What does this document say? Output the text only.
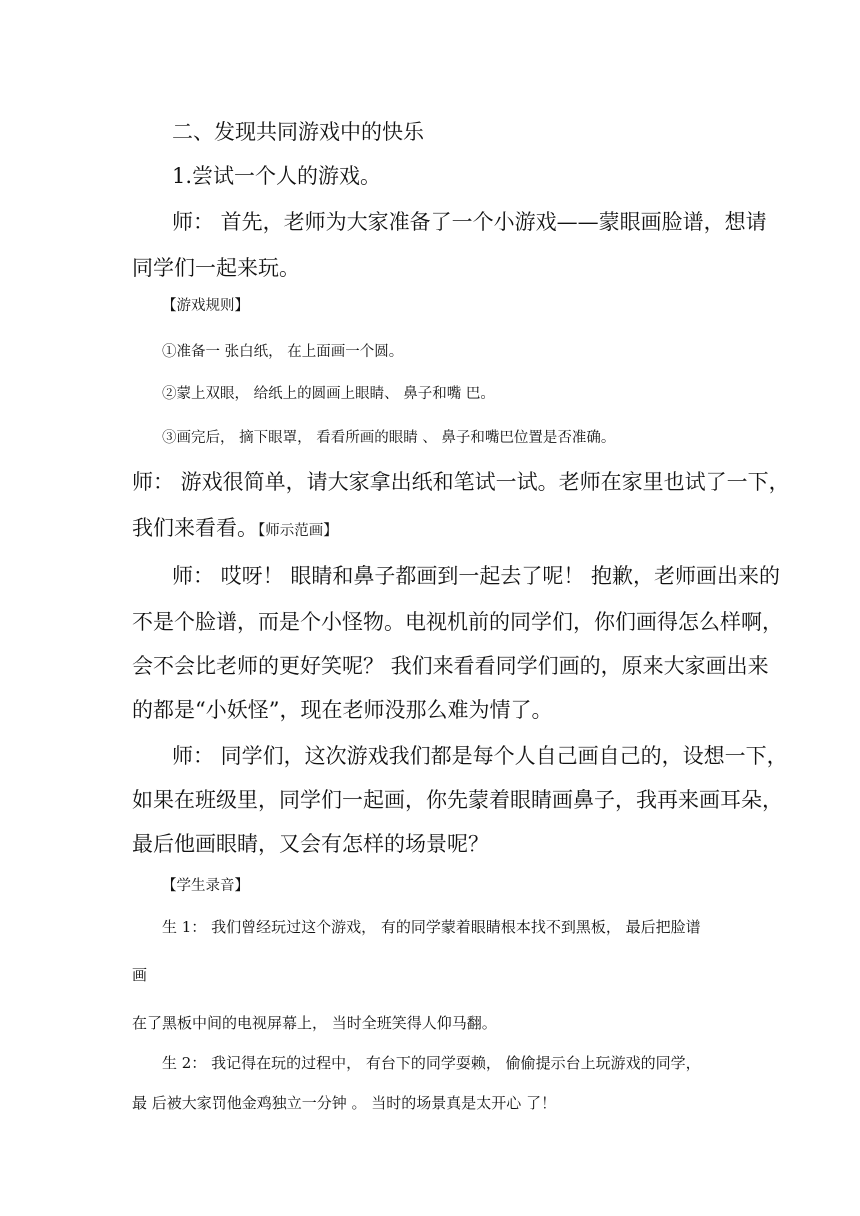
二、发现共同游戏中的快乐
1.尝试一个人的游戏。
师： 首先，老师为大家准备了一个小游戏——蒙眼画脸谱，想请
同学们一起来玩。
【游戏规则】
①准备一 张白纸， 在上面画一个圆。
②蒙上双眼， 给纸上的圆画上眼睛、 鼻子和嘴 巴。
③画完后， 摘下眼罩， 看看所画的眼睛 、 鼻子和嘴巴位置是否准确。
师： 游戏很简单，请大家拿出纸和笔试一试。老师在家里也试了一下，
我们来看看。【师示范画】
师： 哎呀！ 眼睛和鼻子都画到一起去了呢！ 抱歉，老师画出来的
不是个脸谱，而是个小怪物。电视机前的同学们，你们画得怎么样啊，
会不会比老师的更好笑呢？ 我们来看看同学们画的，原来大家画出来
的都是“小妖怪”，现在老师没那么难为情了。
师： 同学们，这次游戏我们都是每个人自己画自己的，设想一下，
如果在班级里，同学们一起画，你先蒙着眼睛画鼻子，我再来画耳朵，
最后他画眼睛，又会有怎样的场景呢？
【学生录音】
生 1： 我们曾经玩过这个游戏， 有的同学蒙着眼睛根本找不到黑板， 最后把脸谱
画
在了黑板中间的电视屏幕上， 当时全班笑得人仰马翻。
生 2： 我记得在玩的过程中， 有台下的同学耍赖， 偷偷提示台上玩游戏的同学，
最 后被大家罚他金鸡独立一分钟 。 当时的场景真是太开心 了！
